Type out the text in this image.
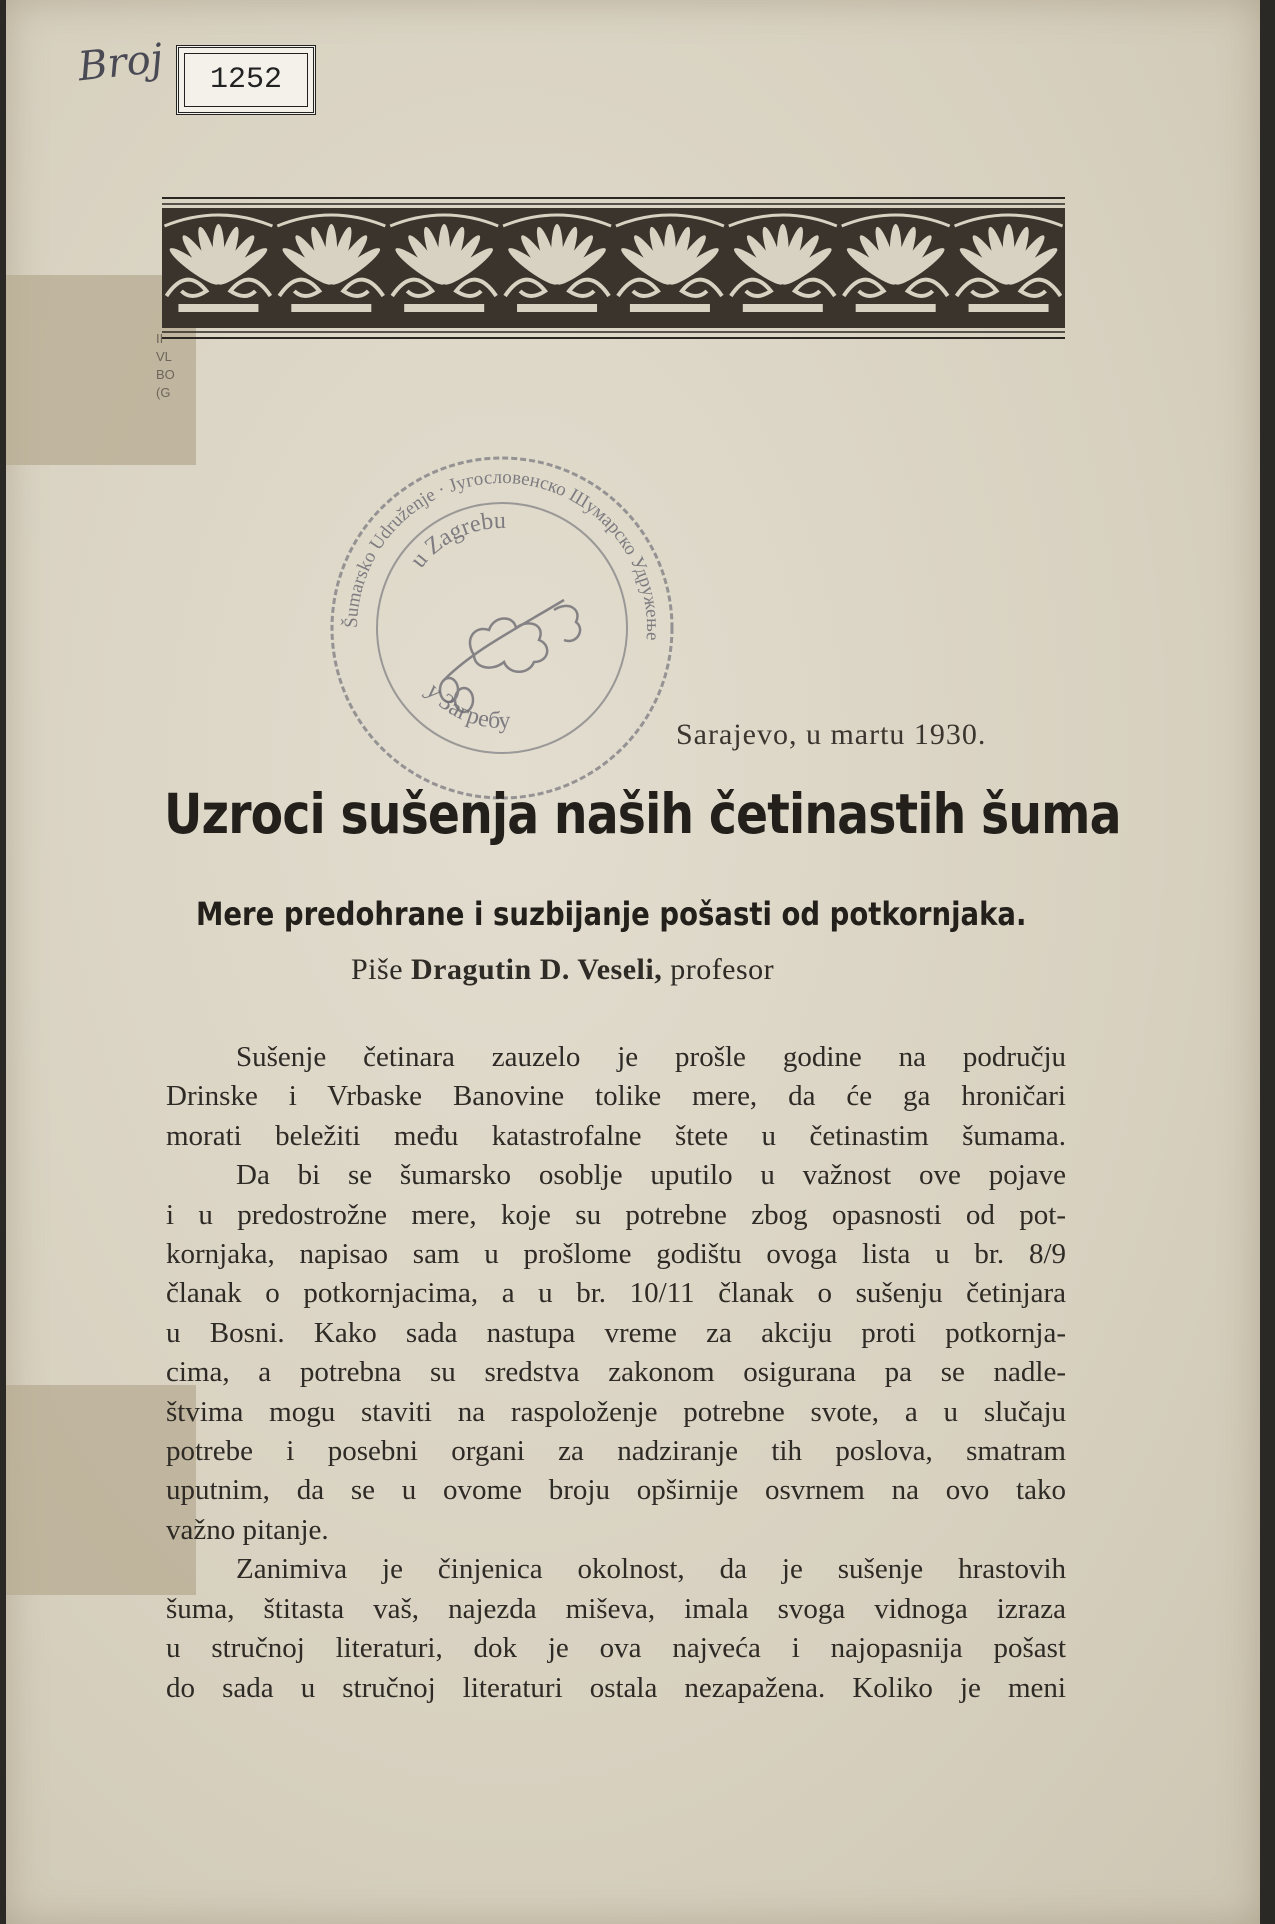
II
VL
BO
(G
Broj 1252
Šumarsko Udruženje · Југословенско Шумарско Удружење
u Zagrebu
у Загребу	Sarajevo, u martu 1930.
Uzroci sušenja naših četinastih šuma
Mere predohrane i suzbijanje pošasti od potkornjaka.
Piše Dragutin D. Veseli, profesor
Sušenje četinara zauzelo je prošle godine na području
Drinske i Vrbaske Banovine tolike mere, da će ga hroničari
morati beležiti među katastrofalne štete u četinastim šumama.
Da bi se šumarsko osoblje uputilo u važnost ove pojave
i u predostrožne mere, koje su potrebne zbog opasnosti od pot-
kornjaka, napisao sam u prošlome godištu ovoga lista u br. 8/9
članak o potkornjacima, a u br. 10/11 članak o sušenju četinjara
u Bosni. Kako sada nastupa vreme za akciju proti potkornja-
cima, a potrebna su sredstva zakonom osigurana pa se nadle-
štvima mogu staviti na raspoloženje potrebne svote, a u slučaju
potrebe i posebni organi za nadziranje tih poslova, smatram
uputnim, da se u ovome broju opširnije osvrnem na ovo tako
važno pitanje.
Zanimiva je činjenica okolnost, da je sušenje hrastovih
šuma, štitasta vaš, najezda miševa, imala svoga vidnoga izraza
u stručnoj literaturi, dok je ova najveća i najopasnija pošast
do sada u stručnoj literaturi ostala nezapažena. Koliko je meni
